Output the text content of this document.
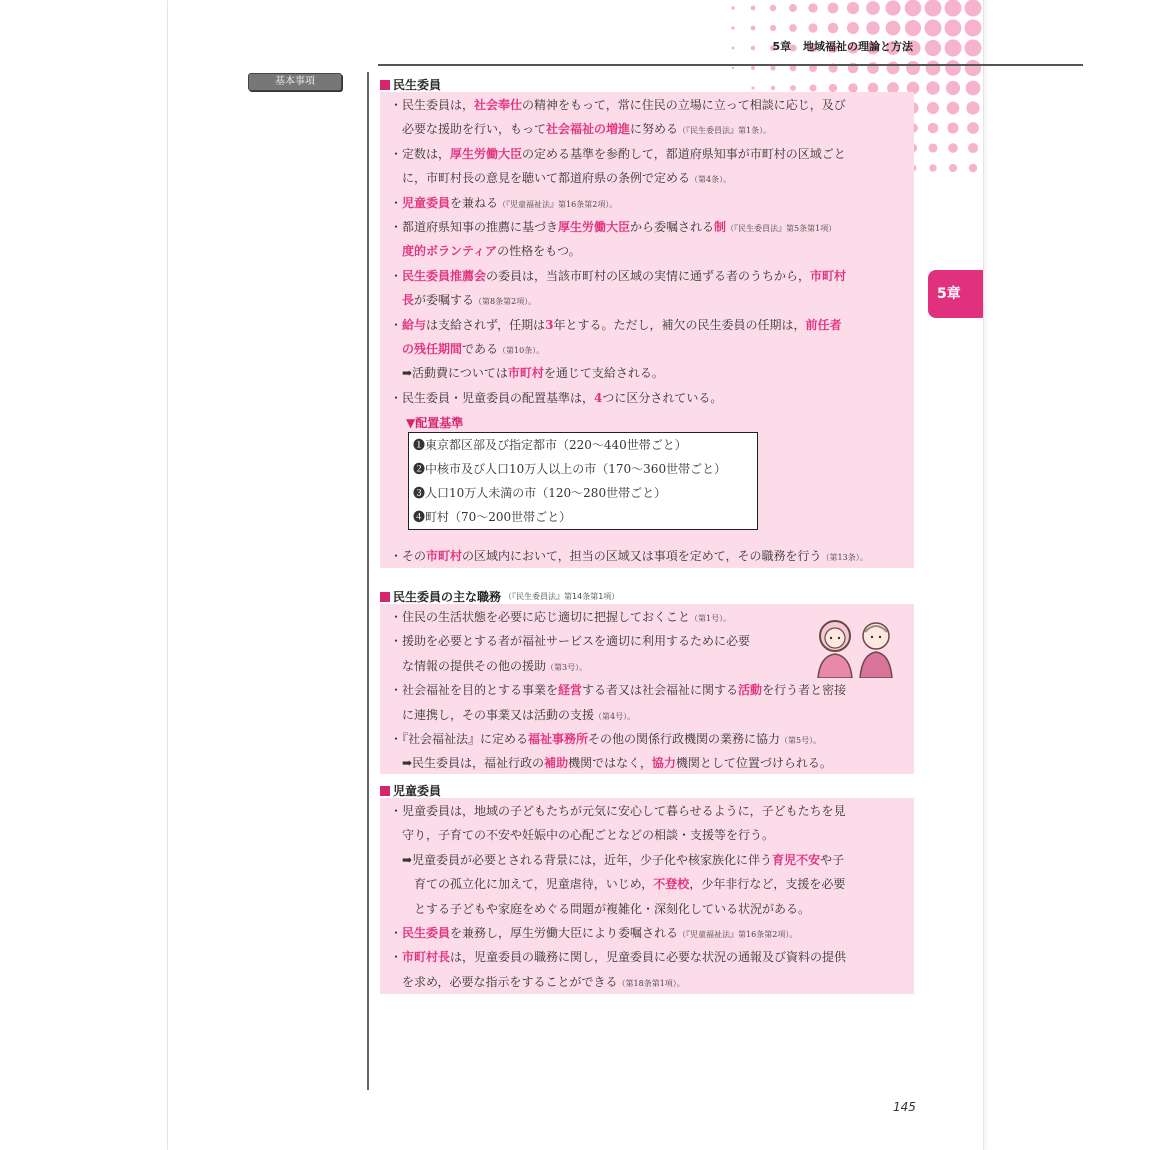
5章 地域福祉の理論と方法
基本事項
5章
民生委員
▼配置基準
❶東京都区部及び指定都市（220～440世帯ごと）
❷中核市及び人口10万人以上の市（170～360世帯ごと）
❸人口10万人未満の市（120～280世帯ごと）
❹町村（70～200世帯ごと）
・その市町村の区域内において，担当の区域又は事項を定めて，その職務を行う（第13条）。
・民生委員は，社会奉仕の精神をもって，常に住民の立場に立って相談に応じ，及び
　必要な援助を行い，もって社会福祉の増進に努める（『民生委員法』第1条）。
・定数は，厚生労働大臣の定める基準を参酌して，都道府県知事が市町村の区域ごと
　に，市町村長の意見を聴いて都道府県の条例で定める（第4条）。
・児童委員を兼ねる（『児童福祉法』第16条第2項）。
・都道府県知事の推薦に基づき厚生労働大臣から委嘱される制（『民生委員法』第5条第1項）
　度的ボランティアの性格をもつ。
・民生委員推薦会の委員は，当該市町村の区域の実情に通ずる者のうちから，市町村
　長が委嘱する（第8条第2項）。
・給与は支給されず，任期は3年とする。ただし，補欠の民生委員の任期は，前任者
　の残任期間である（第10条）。
　➡活動費については市町村を通じて支給される。
・民生委員・児童委員の配置基準は，4つに区分されている。
民生委員の主な職務 （『民生委員法』第14条第1項）
・住民の生活状態を必要に応じ適切に把握しておくこと（第1号）。
・援助を必要とする者が福祉サービスを適切に利用するために必要
　な情報の提供その他の援助（第3号）。
・社会福祉を目的とする事業を経営する者又は社会福祉に関する活動を行う者と密接
　に連携し，その事業又は活動の支援（第4号）。
・『社会福祉法』に定める福祉事務所その他の関係行政機関の業務に協力（第5号）。
　➡民生委員は，福祉行政の補助機関ではなく，協力機関として位置づけられる。
児童委員
・児童委員は，地域の子どもたちが元気に安心して暮らせるように，子どもたちを見
　守り，子育ての不安や妊娠中の心配ごとなどの相談・支援等を行う。
　➡児童委員が必要とされる背景には，近年，少子化や核家族化に伴う育児不安や子
　　育ての孤立化に加えて，児童虐待，いじめ，不登校，少年非行など，支援を必要
　　とする子どもや家庭をめぐる問題が複雑化・深刻化している状況がある。
・民生委員を兼務し，厚生労働大臣により委嘱される（『児童福祉法』第16条第2項）。
・市町村長は，児童委員の職務に関し，児童委員に必要な状況の通報及び資料の提供
　を求め，必要な指示をすることができる（第18条第1項）。
145
